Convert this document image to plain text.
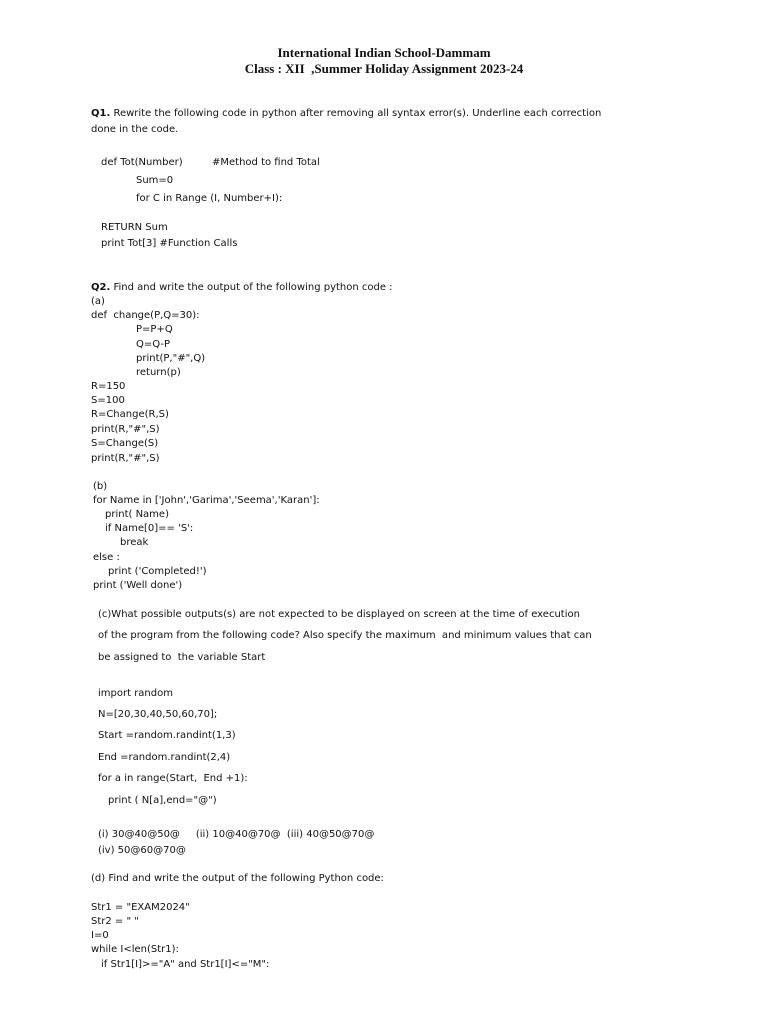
International Indian School-Dammam
Class : XII  ,Summer Holiday Assignment 2023-24
Q1. Rewrite the following code in python after removing all syntax error(s). Underline each correction
done in the code.
def Tot(Number)	#Method to find Total
Sum=0
for C in Range (I, Number+I):
RETURN Sum
print Tot[3] #Function Calls
Q2. Find and write the output of the following python code :
(a)
def  change(P,Q=30):
P=P+Q
Q=Q-P
print(P,"#",Q)
return(p)
R=150
S=100
R=Change(R,S)
print(R,"#",S)
S=Change(S)
print(R,"#",S)
(b)
for Name in ['John','Garima','Seema','Karan']:
print( Name)
if Name[0]== 'S':
break
else :
print ('Completed!')
print ('Well done')
(c)What possible outputs(s) are not expected to be displayed on screen at the time of execution
of the program from the following code? Also specify the maximum  and minimum values that can
be assigned to  the variable Start
import random
N=[20,30,40,50,60,70];
Start =random.randint(1,3)
End =random.randint(2,4)
for a in range(Start,  End +1):
print ( N[a],end="@")
(i) 30@40@50@     (ii) 10@40@70@  (iii) 40@50@70@
(iv) 50@60@70@
(d) Find and write the output of the following Python code:
Str1 = "EXAM2024"
Str2 = " "
I=0
while I<len(Str1):
if Str1[I]>="A" and Str1[I]<="M":
